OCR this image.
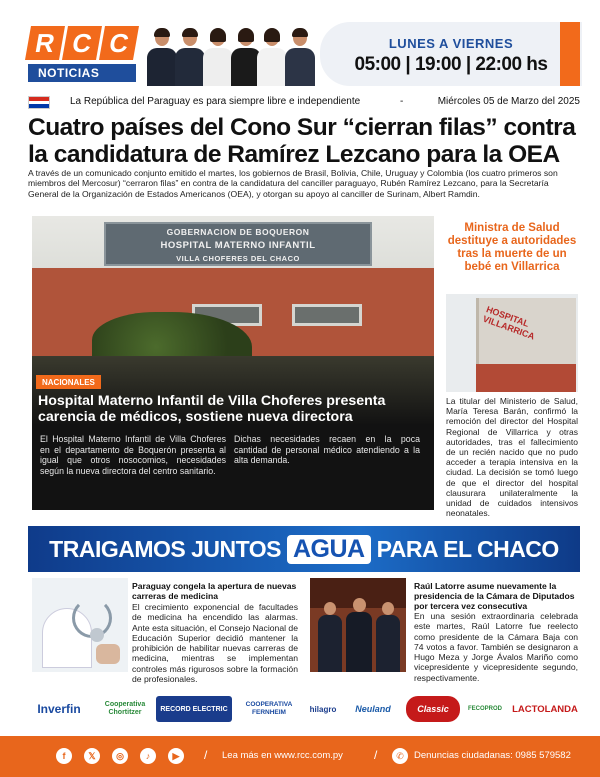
R C C
NOTICIAS
LUNES A VIERNES
05:00 | 19:00 | 22:00 hs
La República del Paraguay es para siempre libre e independiente	-	Miércoles 05 de Marzo del 2025
Cuatro países del Cono Sur “cierran filas” contra la candidatura de Ramírez Lezcano para la OEA

A través de un comunicado conjunto emitido el martes, los gobiernos de Brasil, Bolivia, Chile, Uruguay y Colombia (los cuatro primeros son miembros del Mercosur) “cerraron filas” en contra de la candidatura del canciller paraguayo, Rubén Ramírez Lezcano, para la Secretaría General de la Organización de Estados Americanos (OEA), y otorgan su apoyo al canciller de Surinam, Albert Ramdin.

GOBERNACION DE BOQUERON
HOSPITAL MATERNO INFANTIL
VILLA CHOFERES DEL CHACO
NACIONALES
Hospital Materno Infantil de Villa Choferes presenta carencia de médicos, sostiene nueva directora

El Hospital Materno Infantil de Villa Choferes en el departamento de Boquerón presenta al igual que otros nosocomios, necesidades según la nueva directora del centro sanitario.

Dichas necesidades recaen en la poca cantidad de personal médico atendiendo a la alta demanda.

Ministra de Salud destituye a autoridades tras la muerte de un bebé en Villarrica
HOSPITAL VILLARRICA

La titular del Ministerio de Salud, María Teresa Barán, confirmó la remoción del director del Hospital Regional de Villarrica y otras autoridades, tras el fallecimiento de un recién nacido que no pudo acceder a terapia intensiva en la ciudad. La decisión se tomó luego de que el director del hospital clausurara unilateralmente la unidad de cuidados intensivos neonatales.

TRAIGAMOS JUNTOS AGUA PARA EL CHACO
Paraguay congela la apertura de nuevas carreras de medicina
El crecimiento exponencial de facultades de medicina ha encendido las alarmas. Ante esta situación, el Consejo Nacional de Educación Superior decidió mantener la prohibición de habilitar nuevas carreras de medicina, mientras se implementan controles más rigurosos sobre la formación de profesionales.
Raúl Latorre asume nuevamente la presidencia de la Cámara de Diputados por tercera vez consecutiva
En una sesión extraordinaria celebrada este martes, Raúl Latorre fue reelecto como presidente de la Cámara Baja con 74 votos a favor. También se designaron a Hugo Meza y Jorge Ávalos Mariño como vicepresidente y vicepresidente segundo, respectivamente.
Inverfin	Cooperativa Chortitzer	RECORD ELECTRIC
COOPERATIVA FERNHEIM	hilagro	Neuland	Classic	FECOPROD LACTOLANDA
f	𝕏	◎	♪	▶	/ Lea más en www.rcc.com.py	/	✆	Denuncias ciudadanas: 0985 579582
